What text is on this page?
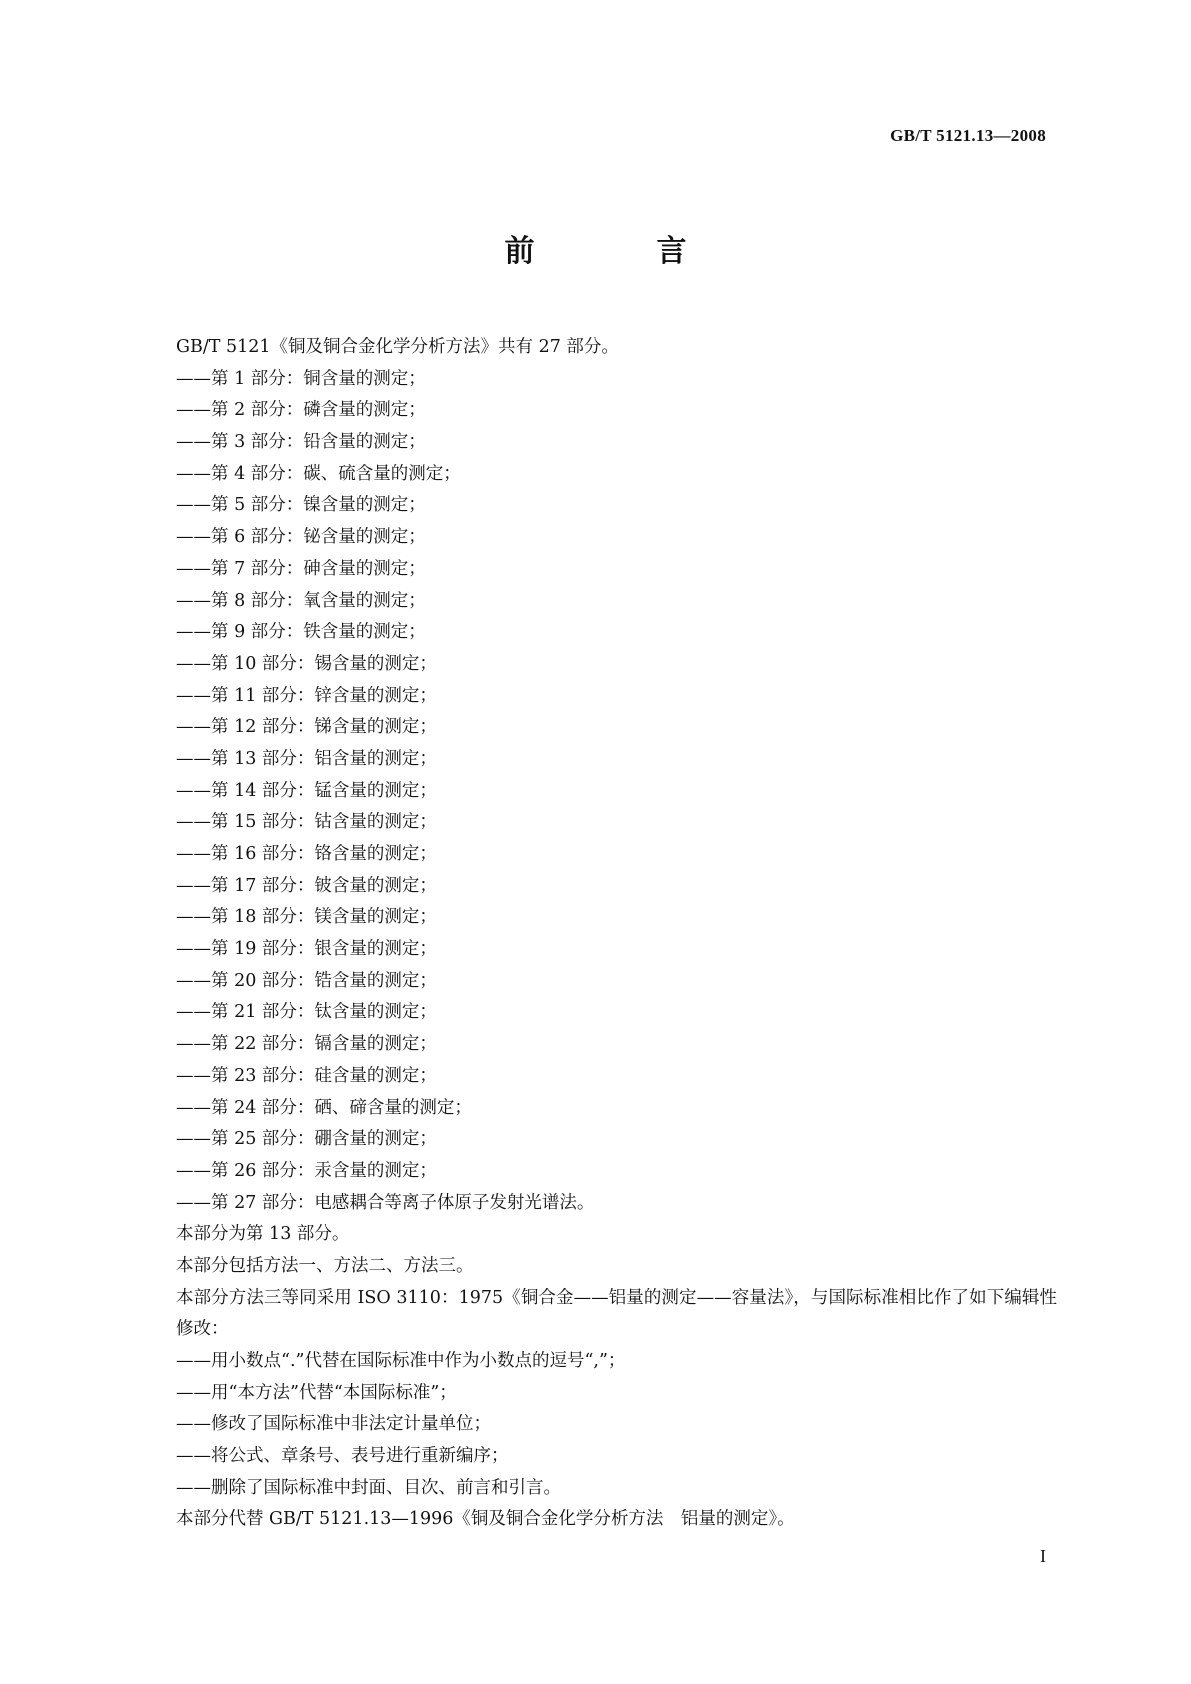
GB/T 5121.13—2008
前　言
GB/T 5121《铜及铜合金化学分析方法》共有 27 部分。
——第 1 部分：铜含量的测定；
——第 2 部分：磷含量的测定；
——第 3 部分：铅含量的测定；
——第 4 部分：碳、硫含量的测定；
——第 5 部分：镍含量的测定；
——第 6 部分：铋含量的测定；
——第 7 部分：砷含量的测定；
——第 8 部分：氧含量的测定；
——第 9 部分：铁含量的测定；
——第 10 部分：锡含量的测定；
——第 11 部分：锌含量的测定；
——第 12 部分：锑含量的测定；
——第 13 部分：铝含量的测定；
——第 14 部分：锰含量的测定；
——第 15 部分：钴含量的测定；
——第 16 部分：铬含量的测定；
——第 17 部分：铍含量的测定；
——第 18 部分：镁含量的测定；
——第 19 部分：银含量的测定；
——第 20 部分：锆含量的测定；
——第 21 部分：钛含量的测定；
——第 22 部分：镉含量的测定；
——第 23 部分：硅含量的测定；
——第 24 部分：硒、碲含量的测定；
——第 25 部分：硼含量的测定；
——第 26 部分：汞含量的测定；
——第 27 部分：电感耦合等离子体原子发射光谱法。
本部分为第 13 部分。
本部分包括方法一、方法二、方法三。
本部分方法三等同采用 ISO 3110：1975《铜合金——铝量的测定——容量法》，与国际标准相比作了如下编辑性修改：
——用小数点“.”代替在国际标准中作为小数点的逗号“,”；
——用“本方法”代替“本国际标准”；
——修改了国际标准中非法定计量单位；
——将公式、章条号、表号进行重新编序；
——删除了国际标准中封面、目次、前言和引言。
本部分代替 GB/T 5121.13—1996《铜及铜合金化学分析方法　铝量的测定》。
I
